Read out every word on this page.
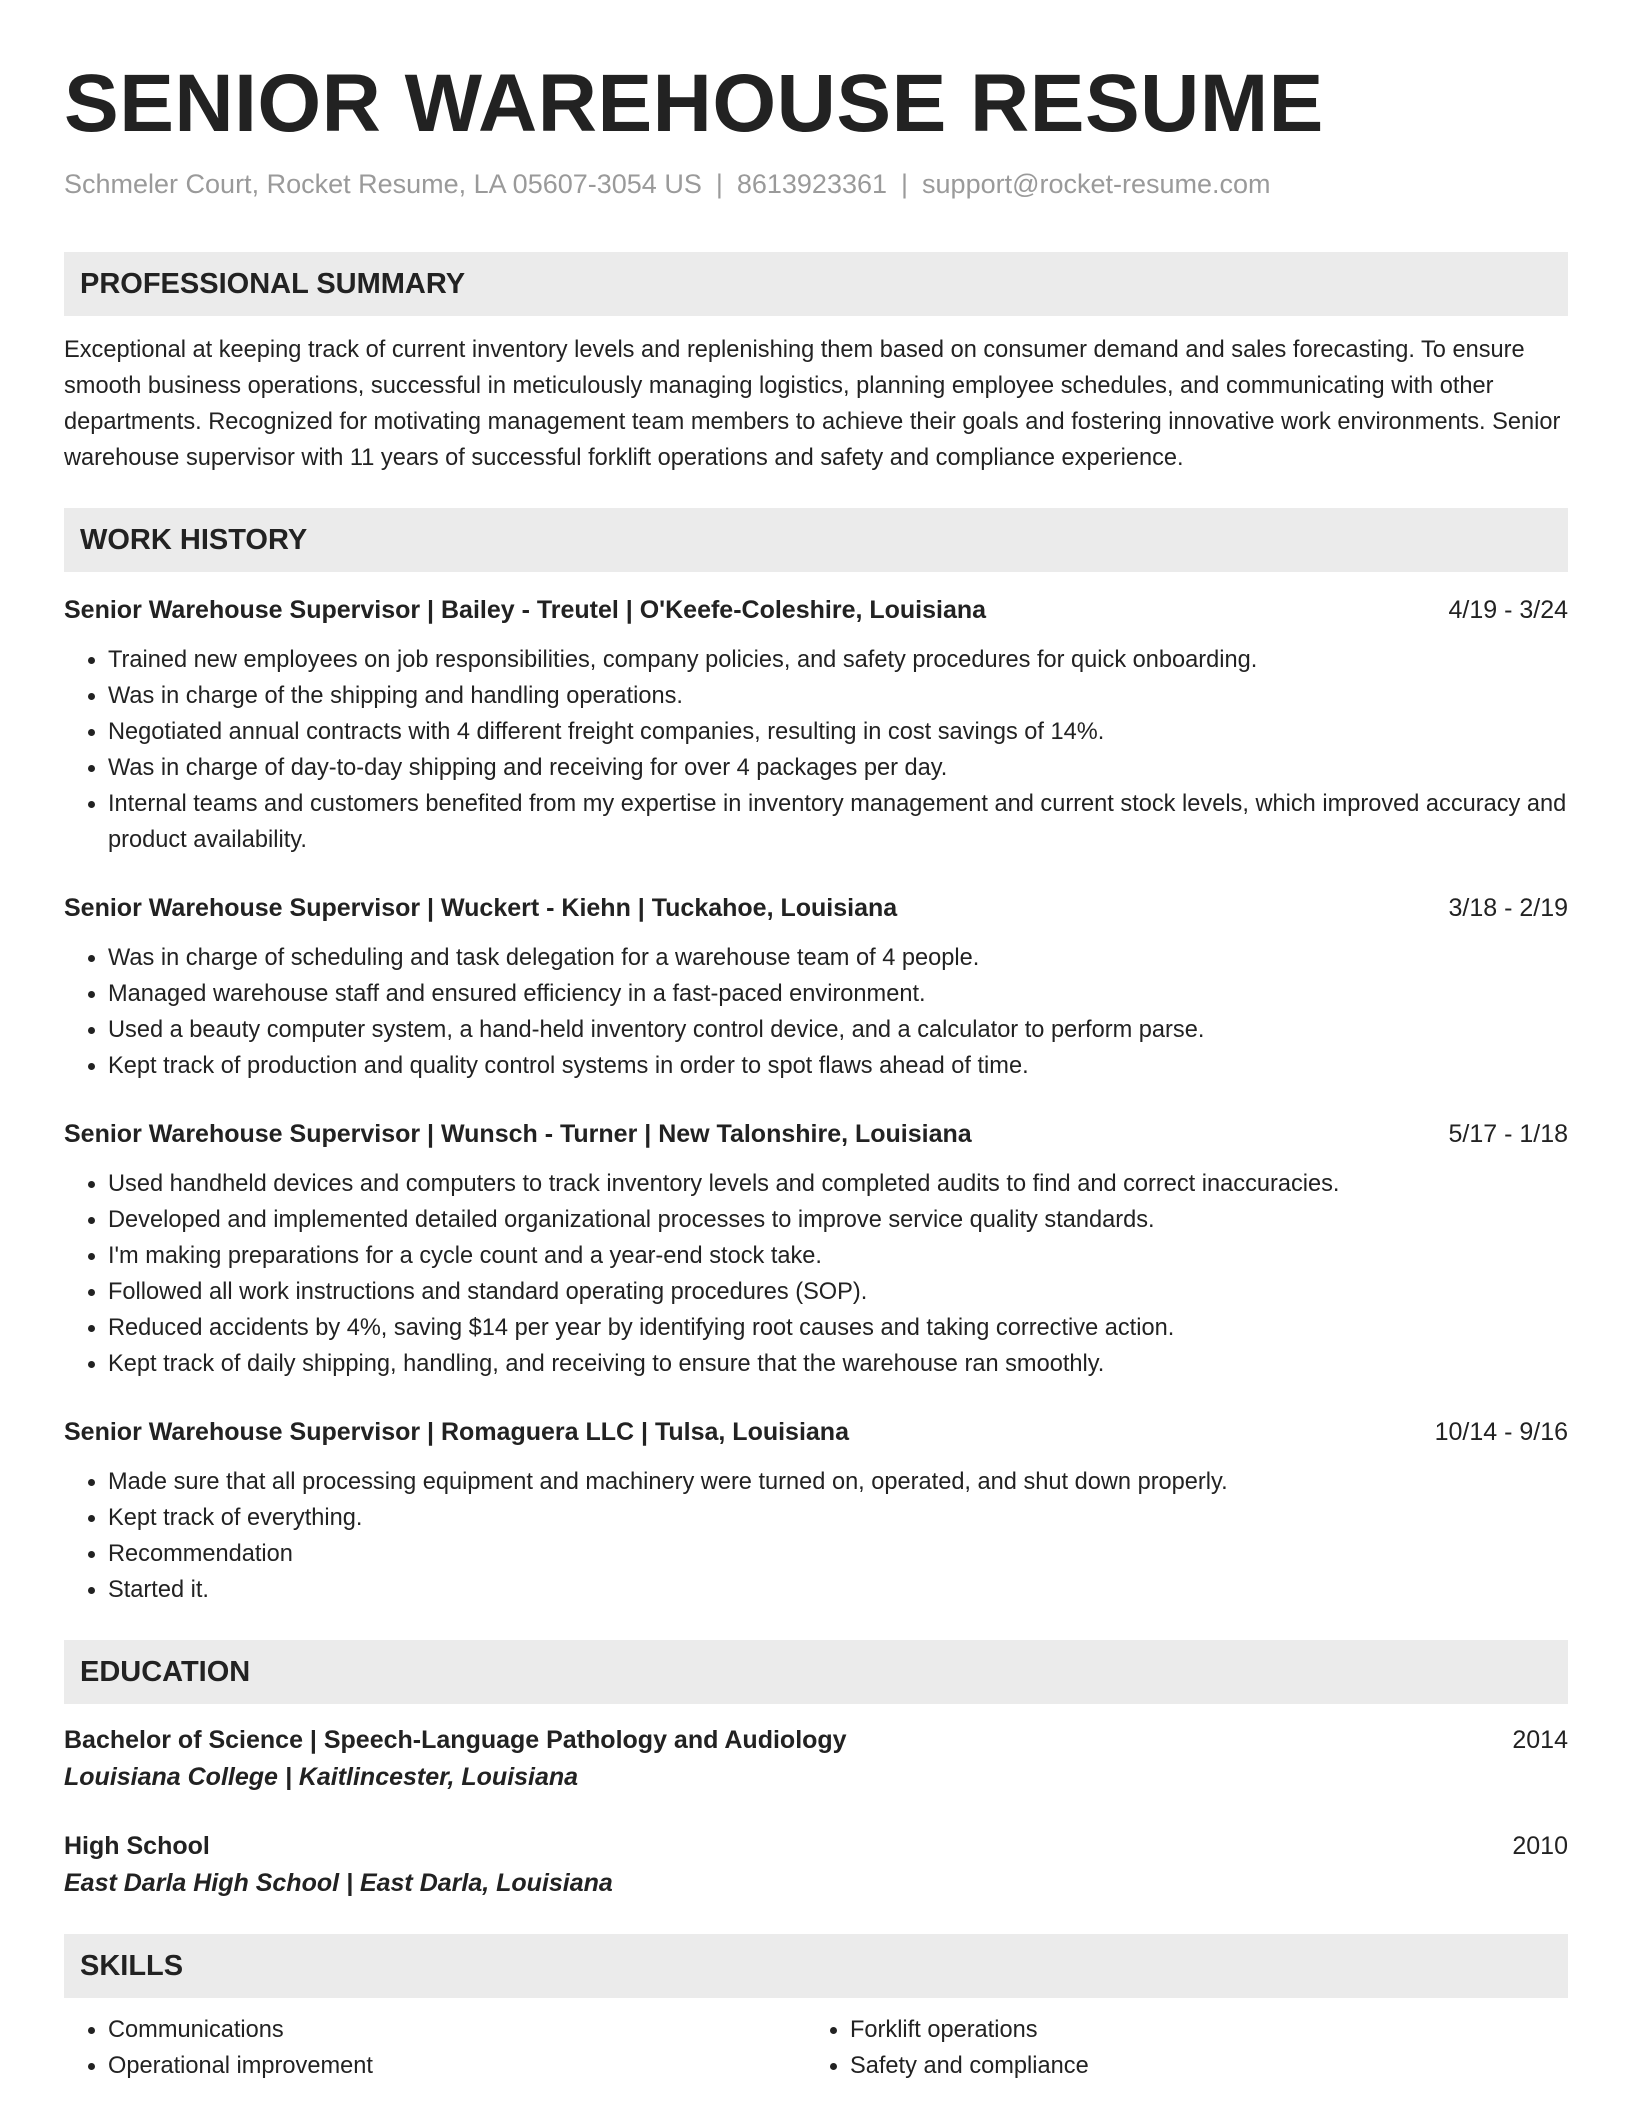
SENIOR WAREHOUSE RESUME
Schmeler Court, Rocket Resume, LA 05607-3054 US | 8613923361 | support@rocket-resume.com
PROFESSIONAL SUMMARY
Exceptional at keeping track of current inventory levels and replenishing them based on consumer demand and sales forecasting. To ensure smooth business operations, successful in meticulously managing logistics, planning employee schedules, and communicating with other departments. Recognized for motivating management team members to achieve their goals and fostering innovative work environments. Senior warehouse supervisor with 11 years of successful forklift operations and safety and compliance experience.
WORK HISTORY
Senior Warehouse Supervisor | Bailey - Treutel | O'Keefe-Coleshire, Louisiana	4/19 - 3/24
• Trained new employees on job responsibilities, company policies, and safety procedures for quick onboarding.
• Was in charge of the shipping and handling operations.
• Negotiated annual contracts with 4 different freight companies, resulting in cost savings of 14%.
• Was in charge of day-to-day shipping and receiving for over 4 packages per day.
• Internal teams and customers benefited from my expertise in inventory management and current stock levels, which improved accuracy and product availability.
Senior Warehouse Supervisor | Wuckert - Kiehn | Tuckahoe, Louisiana	3/18 - 2/19
• Was in charge of scheduling and task delegation for a warehouse team of 4 people.
• Managed warehouse staff and ensured efficiency in a fast-paced environment.
• Used a beauty computer system, a hand-held inventory control device, and a calculator to perform parse.
• Kept track of production and quality control systems in order to spot flaws ahead of time.
Senior Warehouse Supervisor | Wunsch - Turner | New Talonshire, Louisiana	5/17 - 1/18
• Used handheld devices and computers to track inventory levels and completed audits to find and correct inaccuracies.
• Developed and implemented detailed organizational processes to improve service quality standards.
• I'm making preparations for a cycle count and a year-end stock take.
• Followed all work instructions and standard operating procedures (SOP).
• Reduced accidents by 4%, saving $14 per year by identifying root causes and taking corrective action.
• Kept track of daily shipping, handling, and receiving to ensure that the warehouse ran smoothly.
Senior Warehouse Supervisor | Romaguera LLC | Tulsa, Louisiana	10/14 - 9/16
• Made sure that all processing equipment and machinery were turned on, operated, and shut down properly.
• Kept track of everything.
• Recommendation
• Started it.
EDUCATION
Bachelor of Science | Speech-Language Pathology and Audiology	2014
Louisiana College | Kaitlincester, Louisiana
High School	2010
East Darla High School | East Darla, Louisiana
SKILLS
• Communications
• Operational improvement
• Forklift operations
• Safety and compliance
